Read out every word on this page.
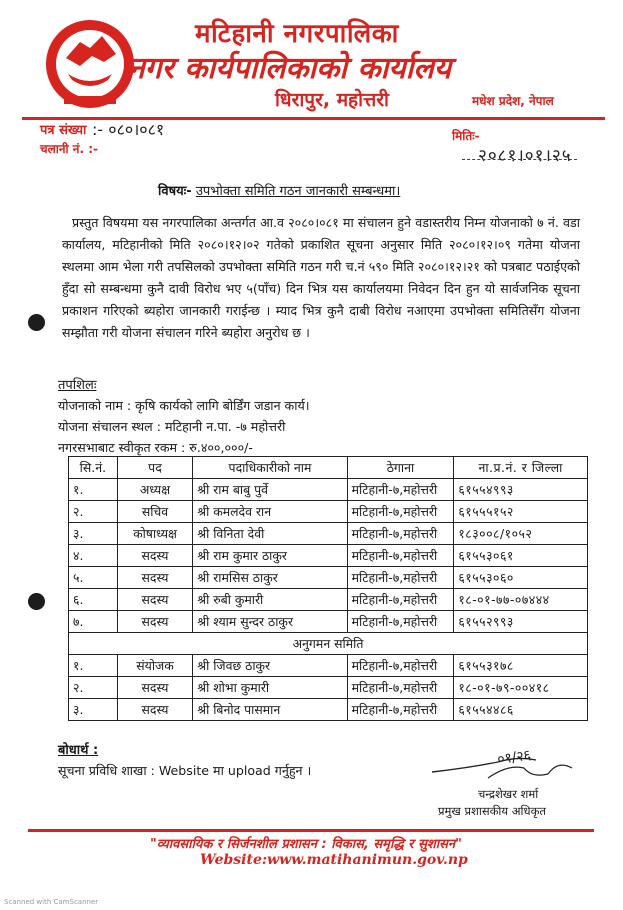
मटिहानी नगरपालिका
नगर कार्यपालिकाको कार्यालय
धिरापुर, महोत्तरी	मधेश प्रदेश, नेपाल
पत्र संख्या :- ०८०।०८१
चलानी नं. :-
मितिः-
२०८१।०१।२५
विषयः- उपभोक्ता समिति गठन जानकारी सम्बन्धमा।

प्रस्तुत विषयमा यस नगरपालिका अन्तर्गत आ.व २०८०।०८१ मा संचालन हुने वडास्तरीय निम्न योजनाको ७ नं. वडा कार्यालय, मटिहानीको मिति २०८०।१२।०२ गतेको प्रकाशित सूचना अनुसार मिति २०८०।१२।०९ गतेमा योजना स्थलमा आम भेला गरी तपसिलको उपभोक्ता समिति गठन गरी च.नं ५९० मिति २०८०।१२।२१ को पत्रबाट पठाईएको हुँदा सो सम्बन्धमा कुनै दावी विरोध भए ५(पाँच) दिन भित्र यस कार्यालयमा निवेदन दिन हुन यो सार्वजनिक सूचना प्रकाशन गरिएको ब्यहोरा जानकारी गराईन्छ । म्याद भित्र कुनै दाबी विरोध नआएमा उपभोक्ता समितिसँग योजना सम्झौता गरी योजना संचालन गरिने ब्यहोरा अनुरोध छ ।

तपशिलः
योजनाको नाम : कृषि कार्यको लागि बोर्डिंग जडान कार्य।
योजना संचालन स्थल : मटिहानी न.पा. -७ महोत्तरी
नगरसभाबाट स्वीकृत रकम : रु.४००,०००/-
सि.नं.	पद	पदाधिकारीको नाम	ठेगाना	ना.प्र.नं. र जिल्ला
१.	अध्यक्ष	श्री राम बाबु पुर्वे	मटिहानी-७,महोत्तरी	६१५५४९९३
२.	सचिव	श्री कमलदेव रान	मटिहानी-७,महोत्तरी	६१५५५१५२
३.	कोषाध्यक्ष	श्री विनिता देवी	मटिहानी-७,महोत्तरी	१८३००८/१०५२
४.	सदस्य	श्री राम कुमार ठाकुर	मटिहानी-७,महोत्तरी	६१५५३०६१
५.	सदस्य	श्री रामसिस ठाकुर	मटिहानी-७,महोत्तरी	६१५५३०६०
६.	सदस्य	श्री रुबी कुमारी	मटिहानी-७,महोत्तरी	१८-०१-७७-०७४४४
७.	सदस्य	श्री श्याम सुन्दर ठाकुर	मटिहानी-७,महोत्तरी	६१५५२९९३
अनुगमन समिति				
१.	संयोजक	श्री जिवछ ठाकुर	मटिहानी-७,महोत्तरी	६१५५३१७८
२.	सदस्य	श्री शोभा कुमारी	मटिहानी-७,महोत्तरी	१८-०१-७९-००४१८
३.	सदस्य	श्री बिनोद पासमान	मटिहानी-७,महोत्तरी	६१५५४४८६
बोधार्थ :
सूचना प्रविधि शाखा : Website मा upload गर्नुहुन ।
०१/२६
चन्द्रशेखर शर्मा
प्रमुख प्रशासकीय अधिकृत
"व्यावसायिक र सिर्जनशील प्रशासन : विकास, समृद्धि र सुशासन"
Website:www.matihanimun.gov.np
Scanned with CamScanner
